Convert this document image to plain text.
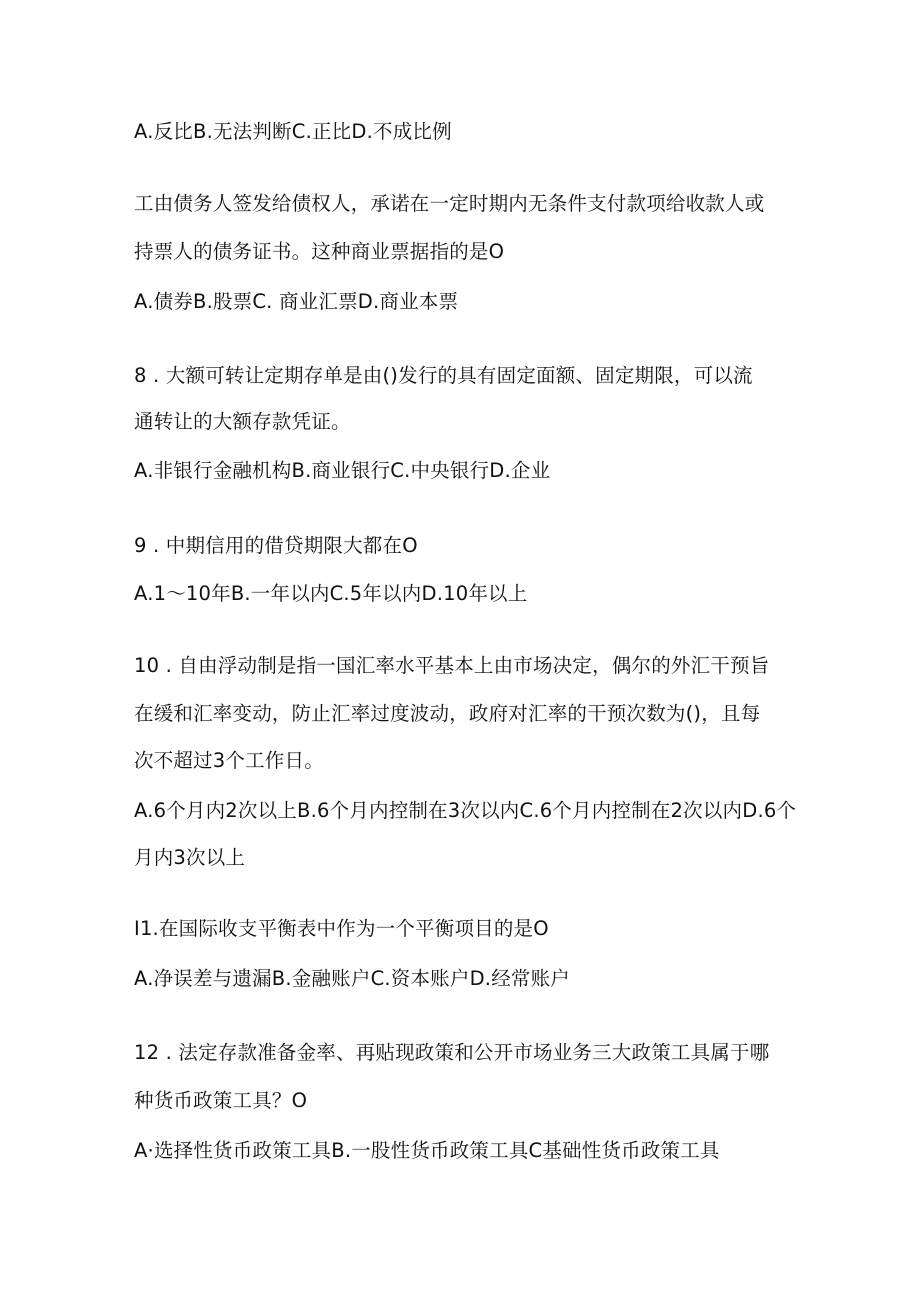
A.反比B.无法判断C.正比D.不成比例
工由债务人签发给债权人，承诺在一定时期内无条件支付款项给收款人或
持票人的债务证书。这种商业票据指的是O
A.债券B.股票C. 商业汇票D.商业本票
8 . 大额可转让定期存单是由()发行的具有固定面额、固定期限，可以流
通转让的大额存款凭证。
A.非银行金融机构B.商业银行C.中央银行D.企业
9 . 中期信用的借贷期限大都在O
A.1～10年B.一年以内C.5年以内D.10年以上
10 . 自由浮动制是指一国汇率水平基本上由市场决定，偶尔的外汇干预旨
在缓和汇率变动，防止汇率过度波动，政府对汇率的干预次数为()，且每
次不超过3个工作日。
A.6个月内2次以上B.6个月内控制在3次以内C.6个月内控制在2次以内D.6个
月内3次以上
I1.在国际收支平衡表中作为一个平衡项目的是O
A.净误差与遗漏B.金融账户C.资本账户D.经常账户
12 . 法定存款准备金率、再贴现政策和公开市场业务三大政策工具属于哪
种货币政策工具？O
A·选择性货币政策工具B.一股性货币政策工具C基础性货币政策工具
